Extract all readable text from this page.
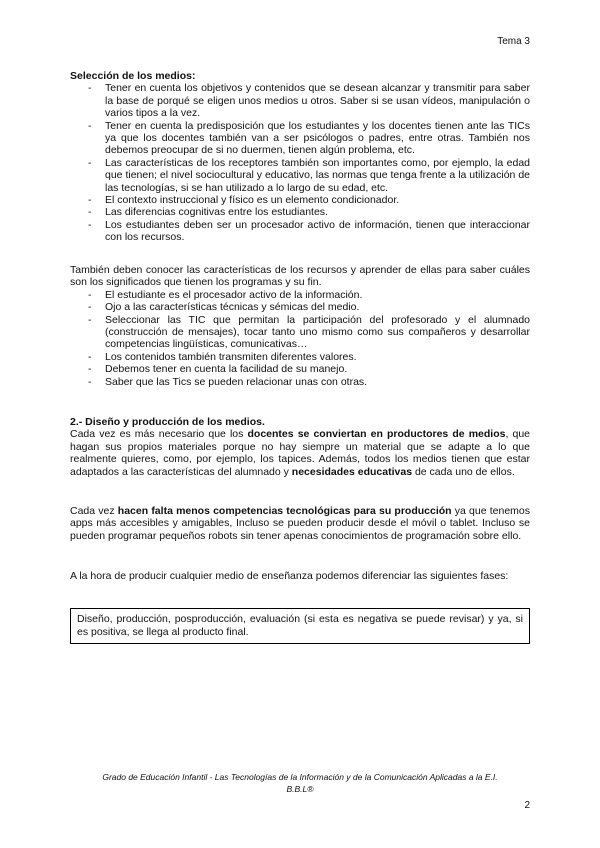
Tema 3
Selección de los medios:
- Tener en cuenta los objetivos y contenidos que se desean alcanzar y transmitir para saber la base de porqué se eligen unos medios u otros. Saber si se usan vídeos, manipulación o varios tipos a la vez.
- Tener en cuenta la predisposición que los estudiantes y los docentes tienen ante las TICs ya que los docentes también van a ser psicólogos o padres, entre otras. También nos debemos preocupar de si no duermen, tienen algún problema, etc.
- Las características de los receptores también son importantes como, por ejemplo, la edad que tienen; el nivel sociocultural y educativo, las normas que tenga frente a la utilización de las tecnologías, si se han utilizado a lo largo de su edad, etc.
- El contexto instruccional y físico es un elemento condicionador.
- Las diferencias cognitivas entre los estudiantes.
- Los estudiantes deben ser un procesador activo de información, tienen que interaccionar con los recursos.

También deben conocer las características de los recursos y aprender de ellas para saber cuáles son los significados que tienen los programas y su fin.

- El estudiante es el procesador activo de la información.
- Ojo a las características técnicas y sémicas del medio.
- Seleccionar las TIC que permitan la participación del profesorado y el alumnado (construcción de mensajes), tocar tanto uno mismo como sus compañeros y desarrollar competencias lingüísticas, comunicativas…
- Los contenidos también transmiten diferentes valores.
- Debemos tener en cuenta la facilidad de su manejo.
- Saber que las Tics se pueden relacionar unas con otras.
2.- Diseño y producción de los medios.

Cada vez es más necesario que los docentes se conviertan en productores de medios, que hagan sus propios materiales porque no hay siempre un material que se adapte a lo que realmente quieres, como, por ejemplo, los tapices. Además, todos los medios tienen que estar adaptados a las características del alumnado y necesidades educativas de cada uno de ellos.

Cada vez hacen falta menos competencias tecnológicas para su producción ya que tenemos apps más accesibles y amigables, Incluso se pueden producir desde el móvil o tablet. Incluso se pueden programar pequeños robots sin tener apenas conocimientos de programación sobre ello.

A la hora de producir cualquier medio de enseñanza podemos diferenciar las siguientes fases:

Diseño, producción, posproducción, evaluación (si esta es negativa se puede revisar) y ya, si es positiva, se llega al producto final.
Grado de Educación Infantil - Las Tecnologías de la Información y de la Comunicación Aplicadas a la E.I.
B.B.L®
2
